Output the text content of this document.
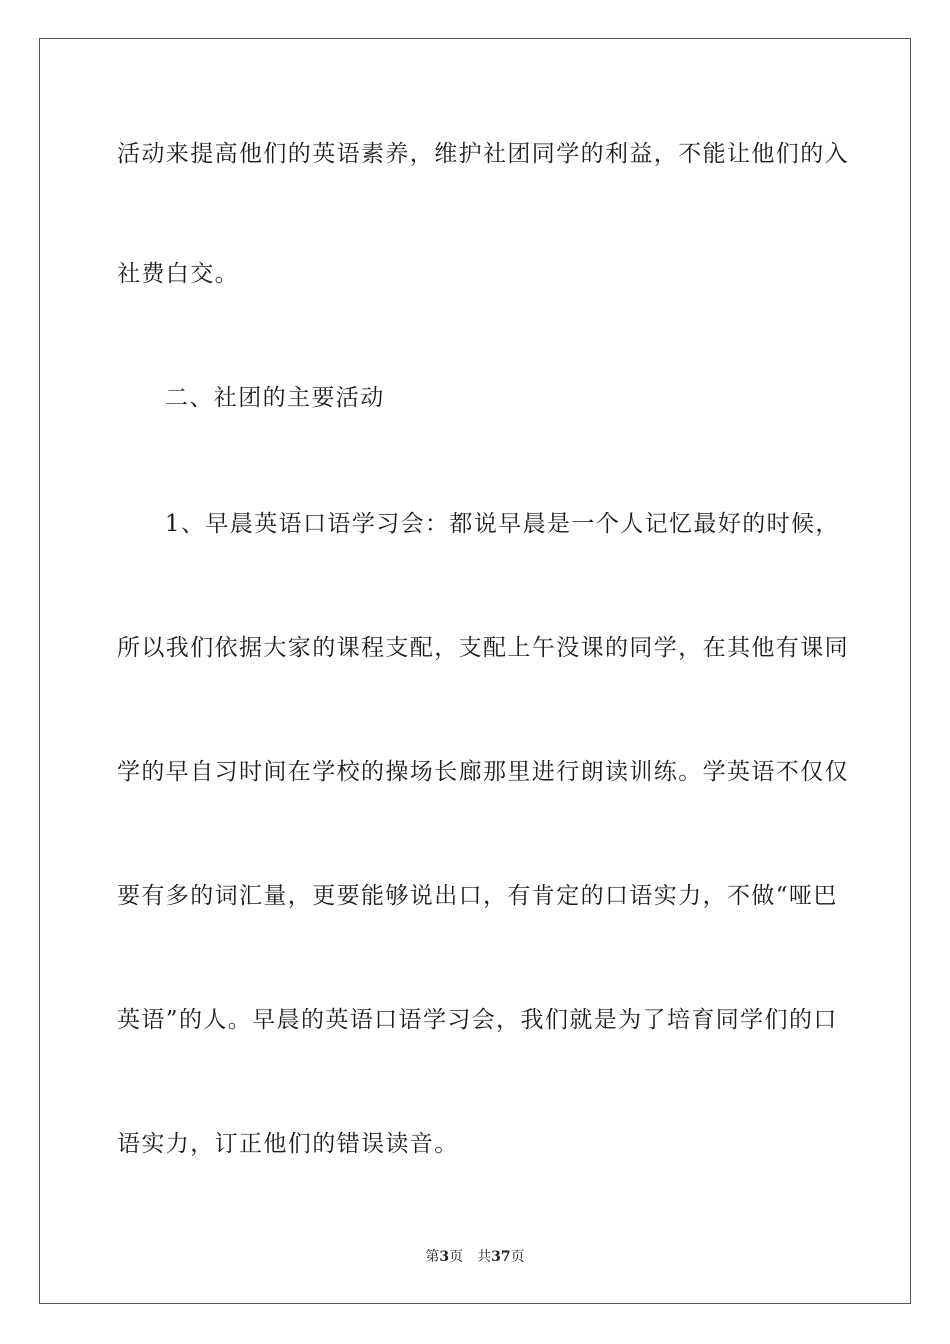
活动来提高他们的英语素养，维护社团同学的利益，不能让他们的入
社费白交。
二、社团的主要活动
1、早晨英语口语学习会：都说早晨是一个人记忆最好的时候，
所以我们依据大家的课程支配，支配上午没课的同学，在其他有课同
学的早自习时间在学校的操场长廊那里进行朗读训练。学英语不仅仅
要有多的词汇量，更要能够说出口，有肯定的口语实力，不做“哑巴
英语”的人。早晨的英语口语学习会，我们就是为了培育同学们的口
语实力，订正他们的错误读音。
第3页 共37页
